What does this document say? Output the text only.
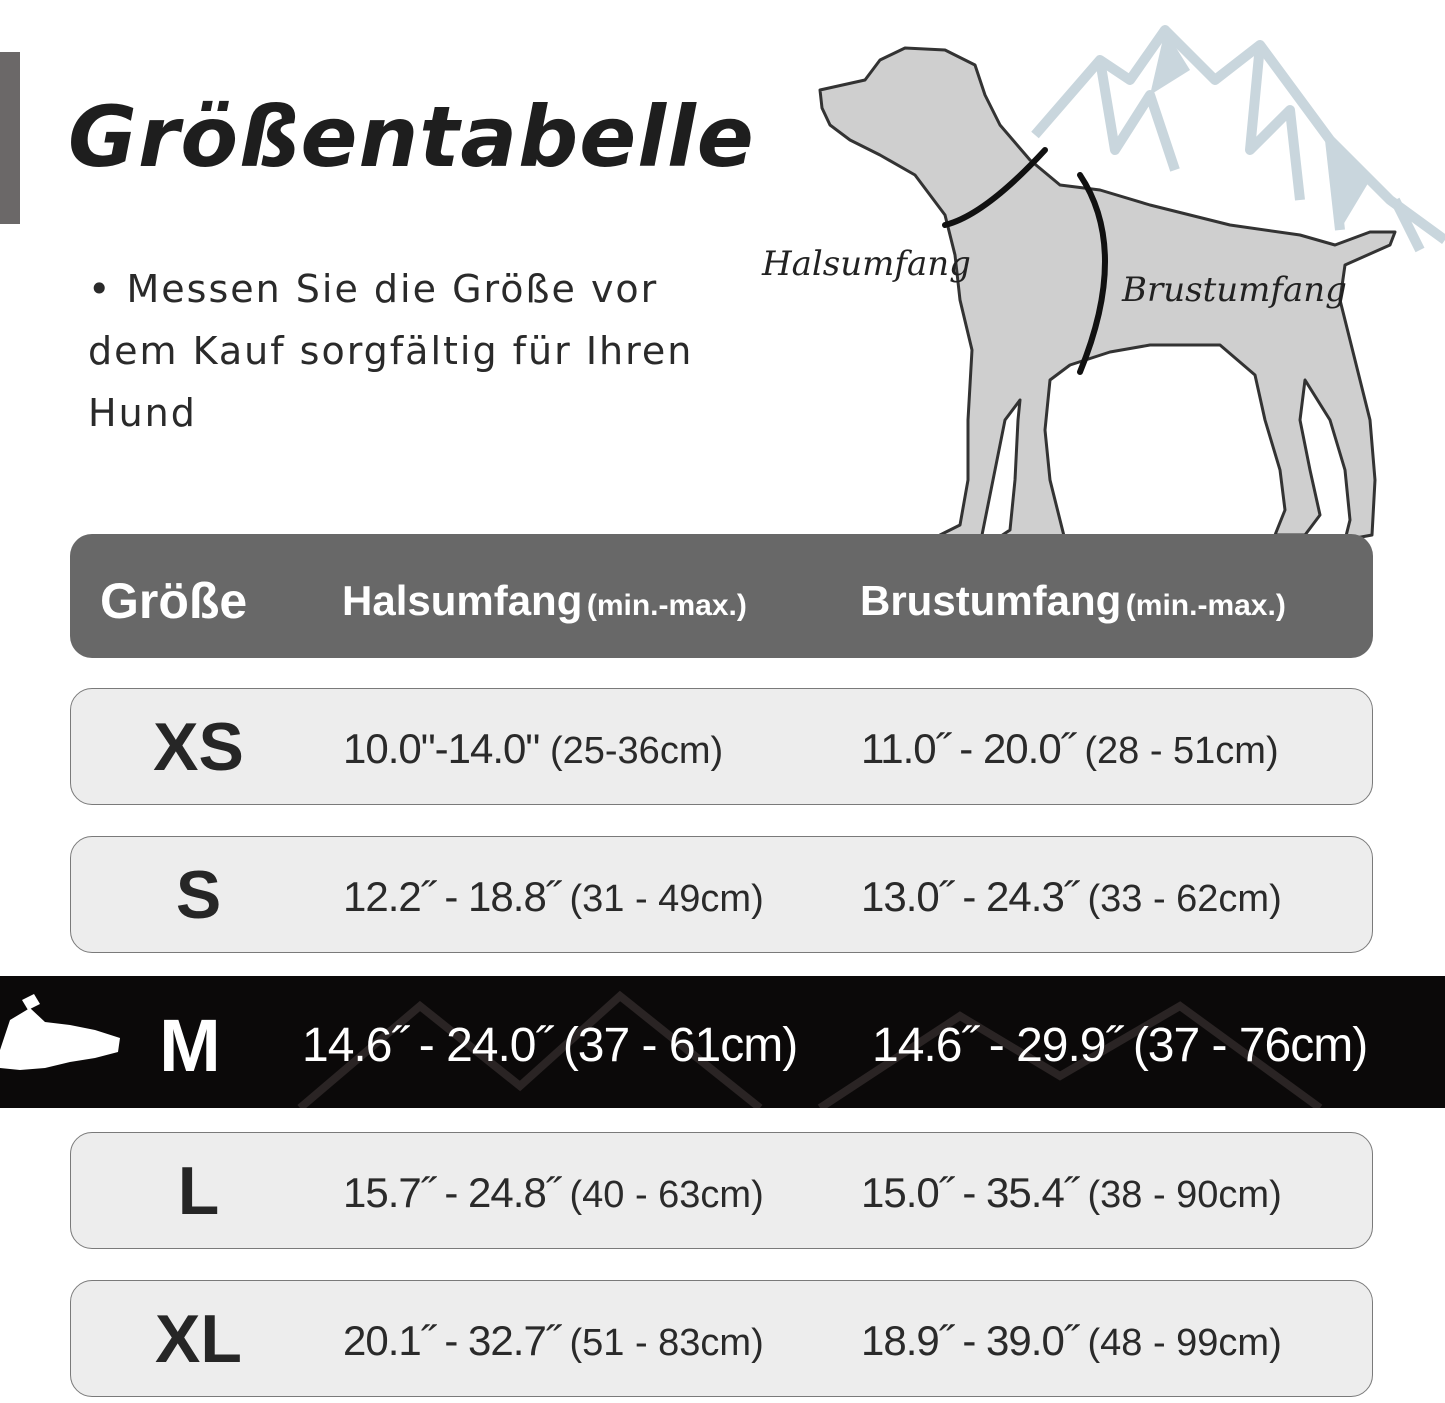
Größentabelle
• Messen Sie die Größe vor dem Kauf sorgfältig für Ihren Hund
Halsumfang
Brustumfang
Größe Halsumfang (min.-max.)	Brustumfang (min.-max.)
XS	10.0"-14.0" (25-36cm)	11.0˝ - 20.0˝ (28 - 51cm)
S	12.2˝ - 18.8˝ (31 - 49cm) 13.0˝ - 24.3˝ (33 - 62cm)
M	14.6˝ - 24.0˝ (37 - 61cm) 14.6˝ - 29.9˝ (37 - 76cm)
L	15.7˝ - 24.8˝ (40 - 63cm) 15.0˝ - 35.4˝ (38 - 90cm)
XL	20.1˝ - 32.7˝ (51 - 83cm) 18.9˝ - 39.0˝ (48 - 99cm)
